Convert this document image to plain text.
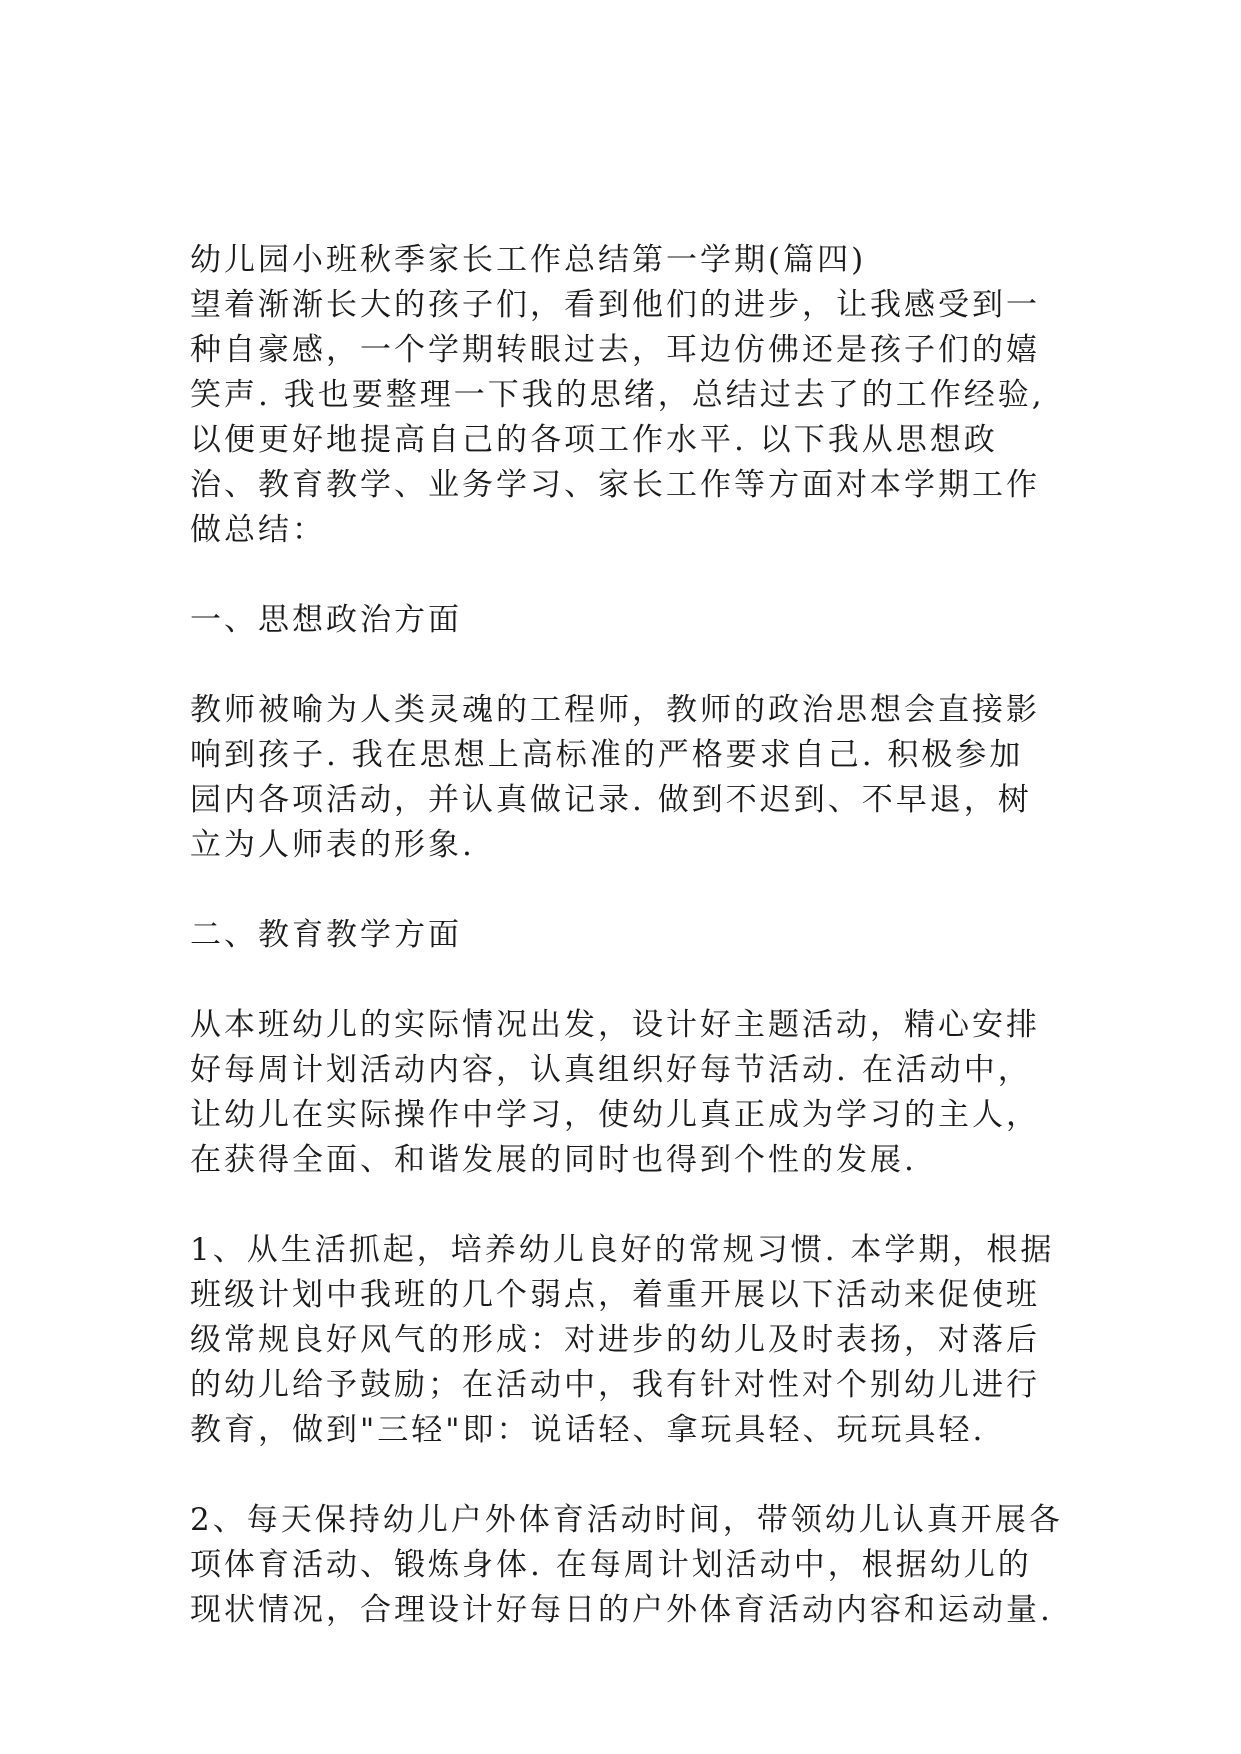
幼儿园小班秋季家长工作总结第一学期(篇四)
望着渐渐长大的孩子们，看到他们的进步，让我感受到一
种自豪感，一个学期转眼过去，耳边仿佛还是孩子们的嬉
笑声. 我也要整理一下我的思绪，总结过去了的工作经验,
以便更好地提高自己的各项工作水平. 以下我从思想政
治、教育教学、业务学习、家长工作等方面对本学期工作
做总结：
一、思想政治方面
教师被喻为人类灵魂的工程师，教师的政治思想会直接影
响到孩子. 我在思想上高标准的严格要求自己. 积极参加
园内各项活动，并认真做记录. 做到不迟到、不早退，树
立为人师表的形象.
二、教育教学方面
从本班幼儿的实际情况出发，设计好主题活动，精心安排
好每周计划活动内容，认真组织好每节活动. 在活动中，
让幼儿在实际操作中学习，使幼儿真正成为学习的主人，
在获得全面、和谐发展的同时也得到个性的发展.
1、从生活抓起，培养幼儿良好的常规习惯. 本学期，根据
班级计划中我班的几个弱点，着重开展以下活动来促使班
级常规良好风气的形成：对进步的幼儿及时表扬，对落后
的幼儿给予鼓励；在活动中，我有针对性对个别幼儿进行
教育，做到"三轻"即：说话轻、拿玩具轻、玩玩具轻.
2、每天保持幼儿户外体育活动时间，带领幼儿认真开展各
项体育活动、锻炼身体. 在每周计划活动中，根据幼儿的
现状情况，合理设计好每日的户外体育活动内容和运动量.
